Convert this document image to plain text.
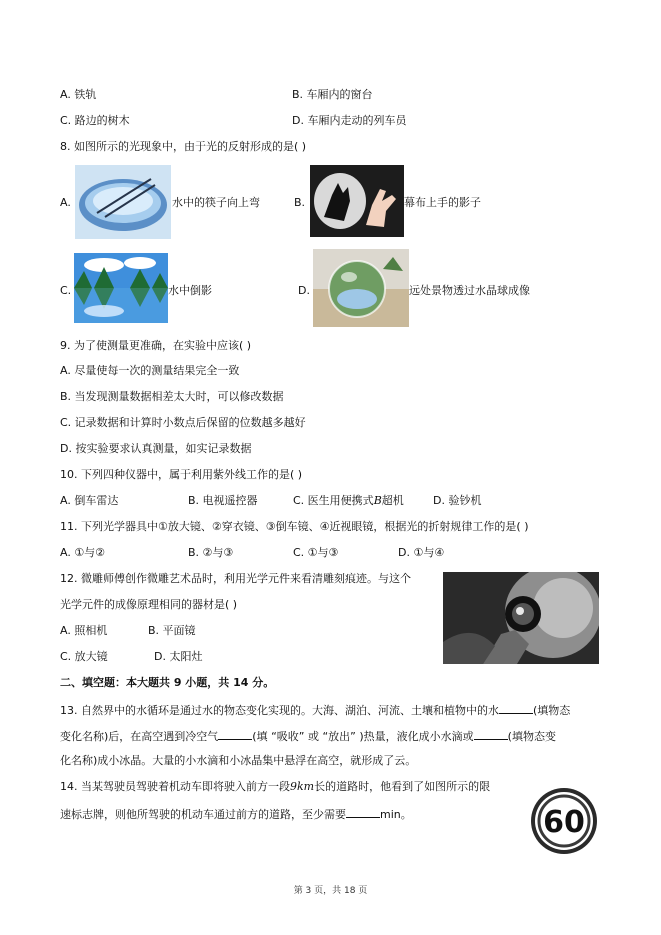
A. 铁轨	B. 车厢内的窗台
C. 路边的树木	D. 车厢内走动的列车员
8. 如图所示的光现象中，由于光的反射形成的是( )
A.	水中的筷子向上弯	B.	幕布上手的影子
C.	水中倒影	D.	远处景物透过水晶球成像
9. 为了使测量更准确，在实验中应该( )
A. 尽量使每一次的测量结果完全一致
B. 当发现测量数据相差太大时，可以修改数据
C. 记录数据和计算时小数点后保留的位数越多越好
D. 按实验要求认真测量，如实记录数据
10. 下列四种仪器中，属于利用紫外线工作的是( )
A. 倒车雷达	B. 电视遥控器	C. 医生用便携式B超机	D. 验钞机
11. 下列光学器具中①放大镜、②穿衣镜、③倒车镜、④近视眼镜，根据光的折射规律工作的是( )
A. ①与②	B. ②与③	C. ①与③	D. ①与④
12. 微雕师傅创作微雕艺术品时，利用光学元件来看清雕刻痕迹。与这个
光学元件的成像原理相同的器材是( )
A. 照相机	B. 平面镜
C. 放大镜	D. 太阳灶
二、填空题：本大题共 9 小题，共 14 分。
13. 自然界中的水循环是通过水的物态变化实现的。大海、湖泊、河流、土壤和植物中的水	(填物态
变化名称)后，在高空遇到冷空气	(填 “吸收” 或 “放出” )热量，液化成小水滴或	(填物态变
化名称)成小冰晶。大量的小水滴和小冰晶集中悬浮在高空，就形成了云。
14. 当某驾驶员驾驶着机动车即将驶入前方一段9km长的道路时，他看到了如图所示的限
速标志牌，则他所驾驶的机动车通过前方的道路，至少需要	min。	60
第 3 页，共 18 页
